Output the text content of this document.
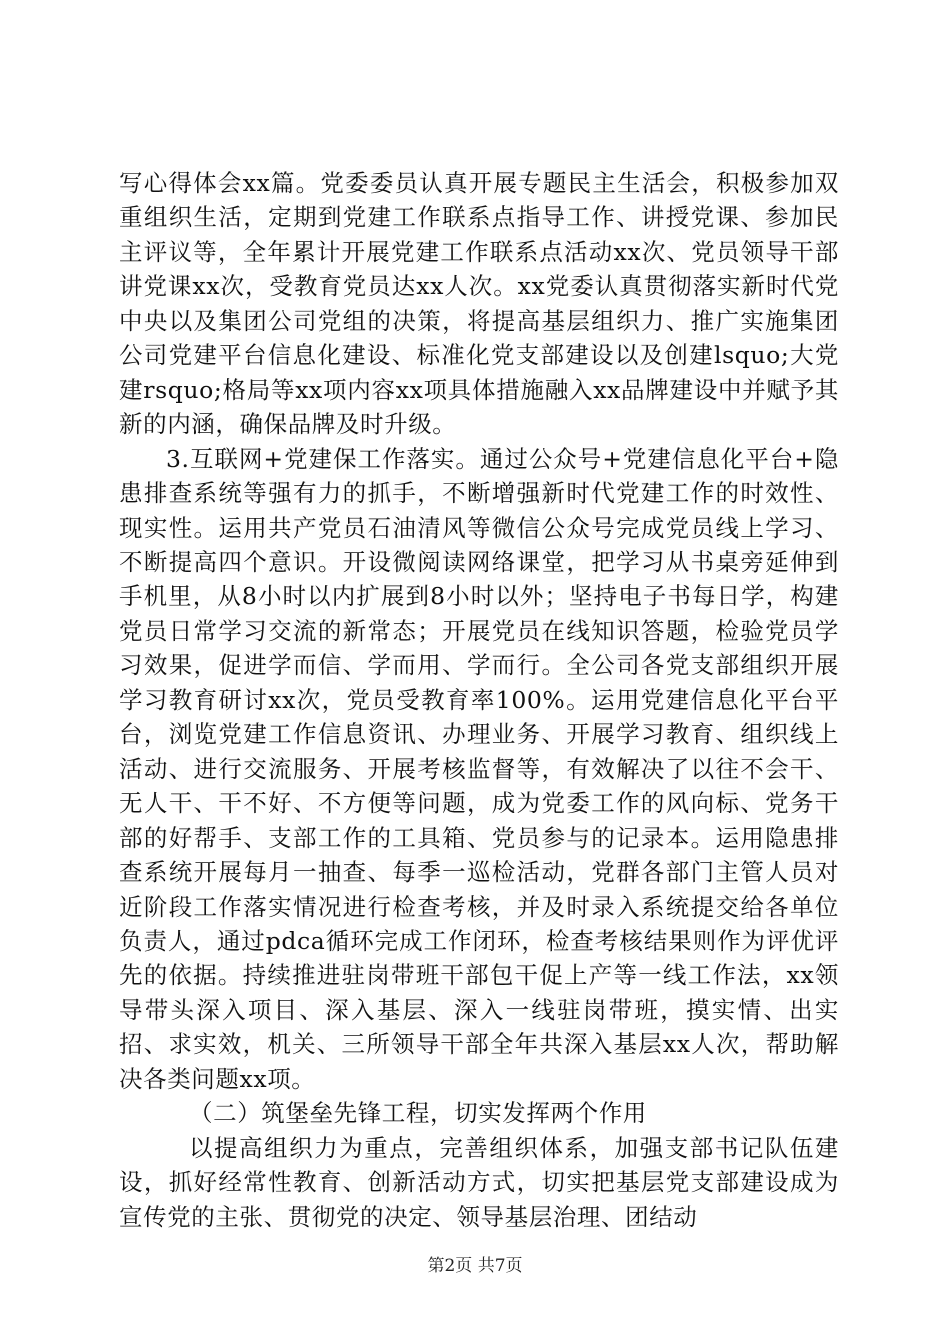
写心得体会xx篇。党委委员认真开展专题民主生活会，积极参加双重组织生活，定期到党建工作联系点指导工作、讲授党课、参加民主评议等，全年累计开展党建工作联系点活动xx次、党员领导干部讲党课xx次，受教育党员达xx人次。xx党委认真贯彻落实新时代党中央以及集团公司党组的决策，将提高基层组织力、推广实施集团公司党建平台信息化建设、标准化党支部建设以及创建lsquo;大党建rsquo;格局等xx项内容xx项具体措施融入xx品牌建设中并赋予其新的内涵，确保品牌及时升级。

3.互联网+党建保工作落实。通过公众号+党建信息化平台+隐患排查系统等强有力的抓手，不断增强新时代党建工作的时效性、现实性。运用共产党员石油清风等微信公众号完成党员线上学习、不断提高四个意识。开设微阅读网络课堂，把学习从书桌旁延伸到手机里，从8小时以内扩展到8小时以外；坚持电子书每日学，构建党员日常学习交流的新常态；开展党员在线知识答题，检验党员学习效果，促进学而信、学而用、学而行。全公司各党支部组织开展学习教育研讨xx次，党员受教育率100%。运用党建信息化平台平台，浏览党建工作信息资讯、办理业务、开展学习教育、组织线上活动、进行交流服务、开展考核监督等，有效解决了以往不会干、无人干、干不好、不方便等问题，成为党委工作的风向标、党务干部的好帮手、支部工作的工具箱、党员参与的记录本。运用隐患排查系统开展每月一抽查、每季一巡检活动，党群各部门主管人员对近阶段工作落实情况进行检查考核，并及时录入系统提交给各单位负责人，通过pdca循环完成工作闭环，检查考核结果则作为评优评先的依据。持续推进驻岗带班干部包干促上产等一线工作法，xx领导带头深入项目、深入基层、深入一线驻岗带班，摸实情、出实招、求实效，机关、三所领导干部全年共深入基层xx人次，帮助解决各类问题xx项。

（二）筑堡垒先锋工程，切实发挥两个作用

以提高组织力为重点，完善组织体系，加强支部书记队伍建设，抓好经常性教育、创新活动方式，切实把基层党支部建设成为宣传党的主张、贯彻党的决定、领导基层治理、团结动

第2页 共7页
